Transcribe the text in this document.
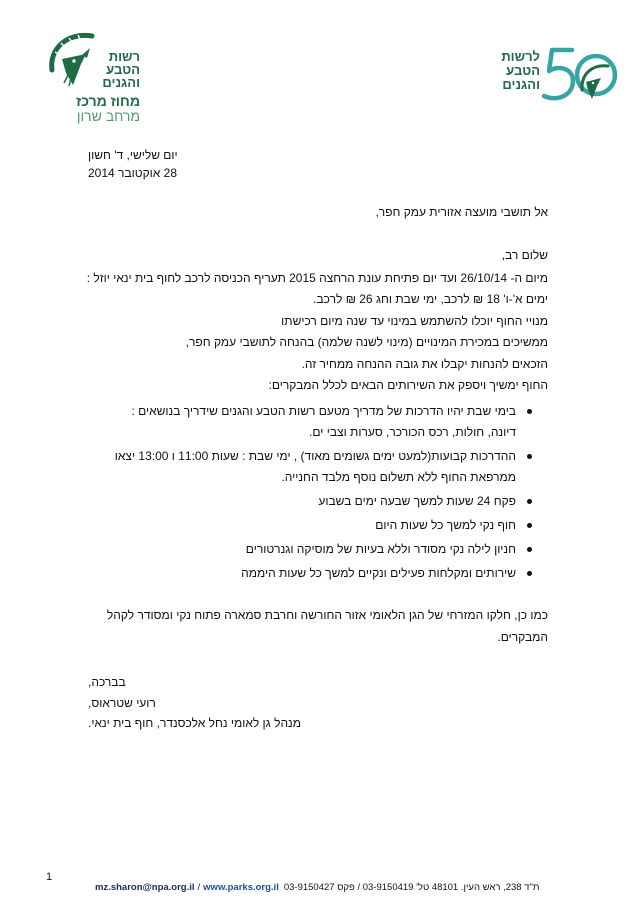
רשות
הטבע
והגנים
מחוז מרכז
מרחב שרון
לרשות
הטבע
והגנים
יום שלישי, ד' חשון
28 אוקטובר 2014
אל תושבי מועצה אזורית עמק חפר,
שלום רב,
מיום ה- 26/10/14 ועד יום פתיחת עונת הרחצה 2015 תעריף הכניסה לרכב לחוף בית ינאי יוזל :
ימים א'-ו' 18 ₪ לרכב, ימי שבת וחג 26 ₪ לרכב.
מנויי החוף יוכלו להשתמש במינוי עד שנה מיום רכישתו
ממשיכים במכירת המינויים (מינוי לשנה שלמה) בהנחה לתושבי עמק חפר,
הזכאים להנחות יקבלו את גובה ההנחה ממחיר זה.
החוף ימשיך ויספק את השירותים הבאים לכלל המבקרים:
בימי שבת יהיו הדרכות של מדריך מטעם רשות הטבע והגנים שידריך בנושאים :
דיונה, חולות, רכס הכורכר, סערות וצבי ים.
ההדרכות קבועות(למעט ימים גשומים מאוד) , ימי שבת : שעות 11:00 ו 13:00 יצאו
ממרפאת החוף ללא תשלום נוסף מלבד החנייה.
פקח 24 שעות למשך שבעה ימים בשבוע
חוף נקי למשך כל שעות היום
חניון לילה נקי מסודר וללא בעיות של מוסיקה וגנרטורים
שירותים ומקלחות פעילים ונקיים למשך כל שעות היממה
כמו כן, חלקו המזרחי של הגן הלאומי אזור החורשה וחרבת סמארה פתוח נקי ומסודר לקהל
המבקרים.
בברכה,
רועי שטראוס,
מנהל גן לאומי נחל אלכסנדר, חוף בית ינאי.
mz.sharon@npa.org.il / www.parks.org.il ת"ד 238, ראש העין. 48101 טל' 03-9150419 / פקס 03-9150427
1
